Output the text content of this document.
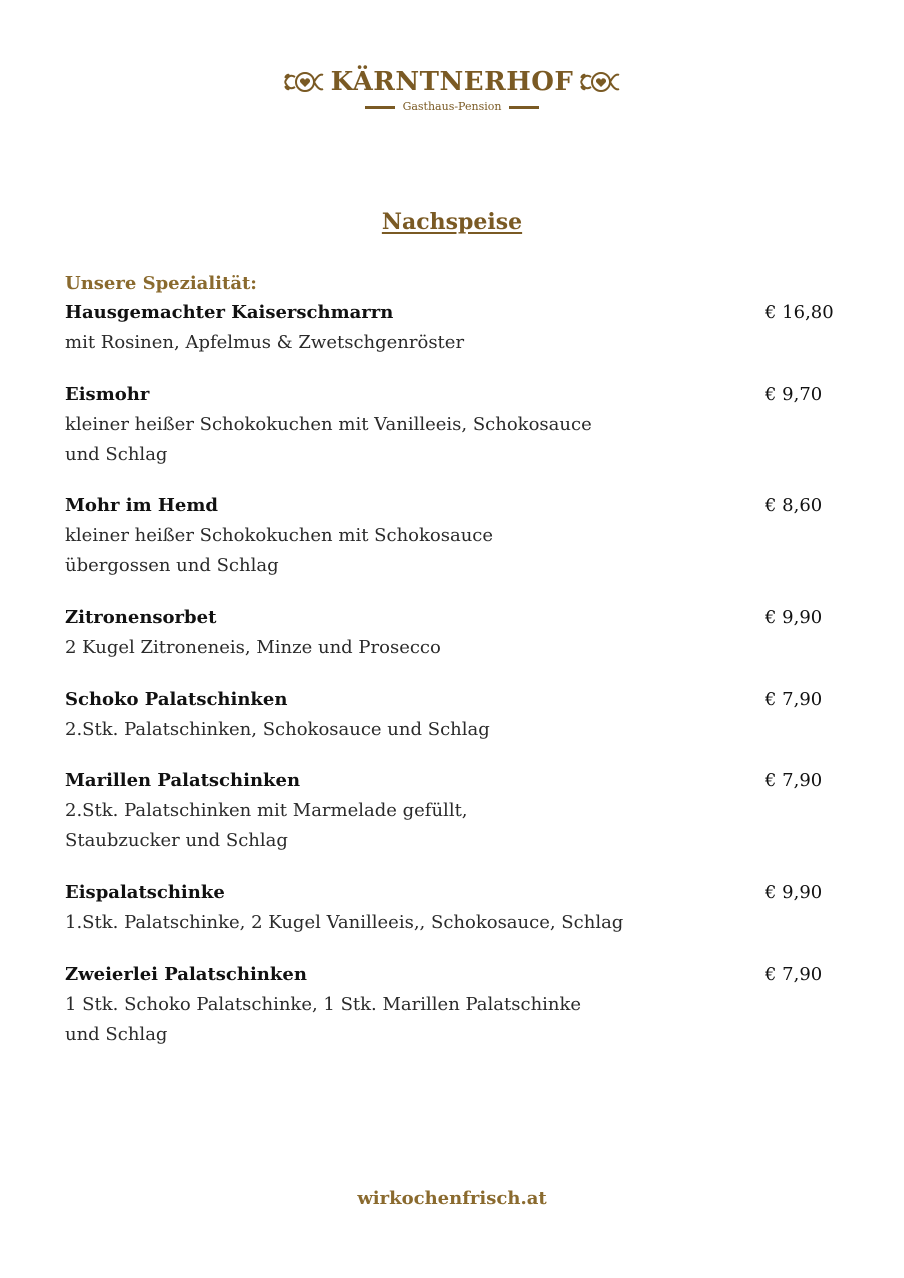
KÄRNTNERHOF
Gasthaus-Pension
Nachspeise
Unsere Spezialität:
Hausgemachter Kaiserschmarrn	€ 16,80
mit Rosinen, Apfelmus & Zwetschgenröster
Eismohr	€ 9,70
kleiner heißer Schokokuchen mit Vanilleeis, Schokosauce
und Schlag
Mohr im Hemd	€ 8,60
kleiner heißer Schokokuchen mit Schokosauce
übergossen und Schlag
Zitronensorbet	€ 9,90
2 Kugel Zitroneneis, Minze und Prosecco
Schoko Palatschinken	€ 7,90
2.Stk. Palatschinken, Schokosauce und Schlag
Marillen Palatschinken	€ 7,90
2.Stk. Palatschinken mit Marmelade gefüllt,
Staubzucker und Schlag
Eispalatschinke	€ 9,90
1.Stk. Palatschinke, 2 Kugel Vanilleeis,, Schokosauce, Schlag
Zweierlei Palatschinken	€ 7,90
1 Stk. Schoko Palatschinke, 1 Stk. Marillen Palatschinke
und Schlag
wirkochenfrisch.at
